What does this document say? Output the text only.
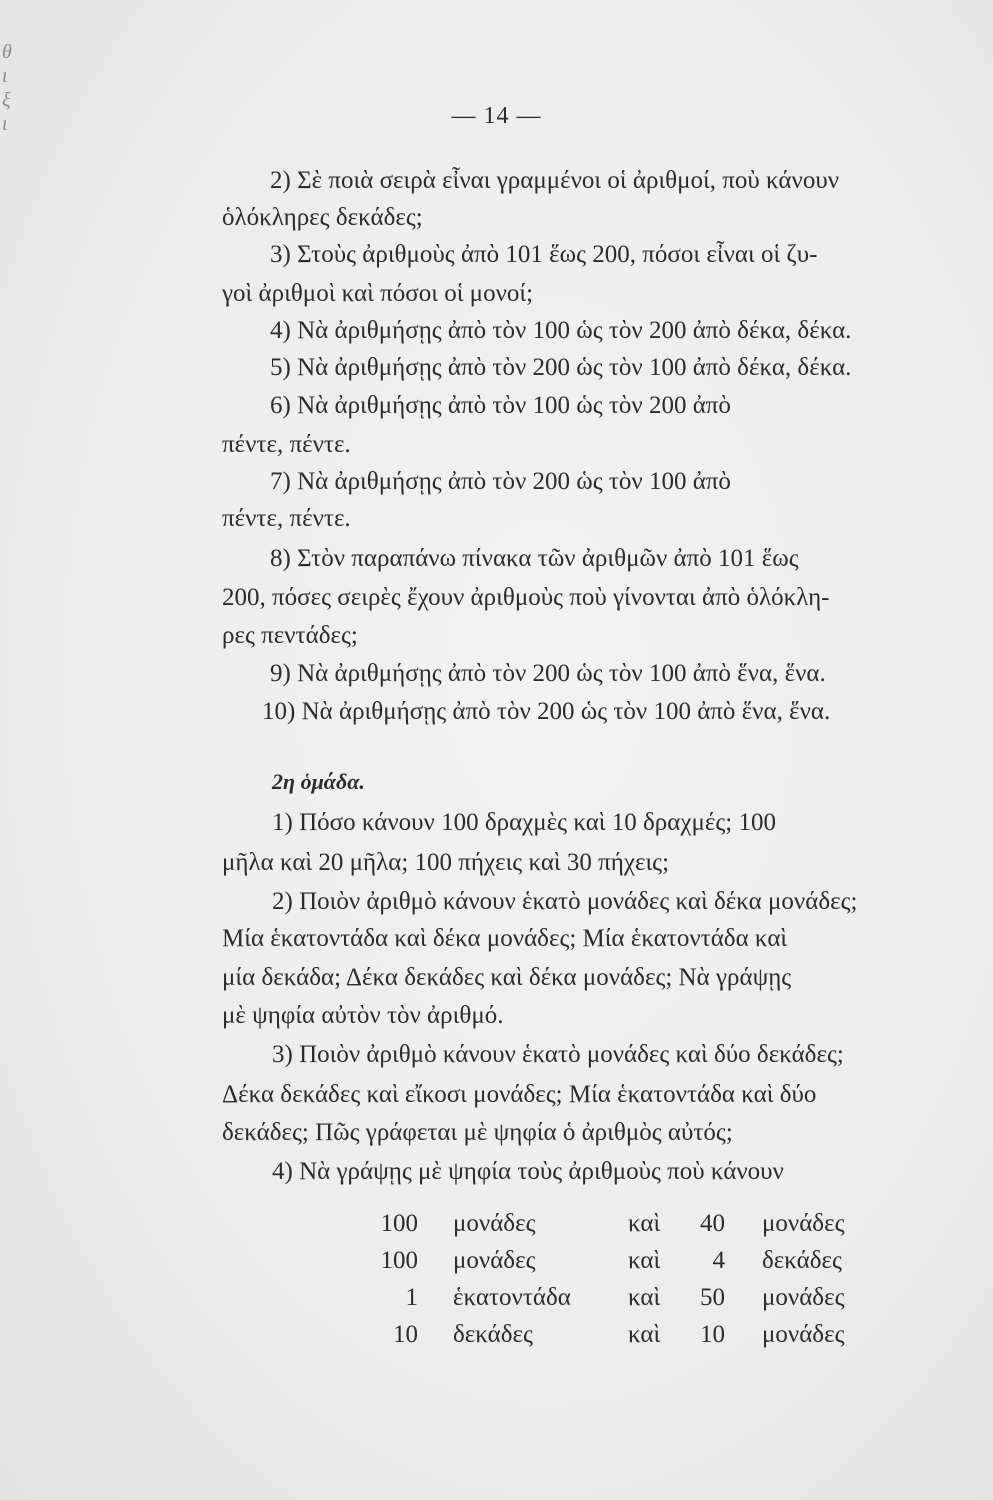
θ
ι
ξ
ι	— 14 —
2) Σὲ ποιὰ σειρὰ εἶναι γραμμένοι οἱ ἀριθμοί, ποὺ κάνουν
ὁλόκληρες δεκάδες;
3) Στοὺς ἀριθμοὺς ἀπὸ 101 ἕως 200, πόσοι εἶναι οἱ ζυ-
γοὶ ἀριθμοὶ καὶ πόσοι οἱ μονοί;
4) Νὰ ἀριθμήσῃς ἀπὸ τὸν 100 ὡς τὸν 200 ἀπὸ δέκα, δέκα.
5) Νὰ ἀριθμήσῃς ἀπὸ τὸν 200 ὡς τὸν 100 ἀπὸ δέκα, δέκα.
6) Νὰ ἀριθμήσῃς ἀπὸ τὸν 100 ὡς τὸν 200 ἀπὸ
πέντε, πέντε.
7) Νὰ ἀριθμήσῃς ἀπὸ τὸν 200 ὡς τὸν 100 ἀπὸ
πέντε, πέντε.
8) Στὸν παραπάνω πίνακα τῶν ἀριθμῶν ἀπὸ 101 ἕως
200, πόσες σειρὲς ἔχουν ἀριθμοὺς ποὺ γίνονται ἀπὸ ὁλόκλη-
ρες πεντάδες;
9) Νὰ ἀριθμήσῃς ἀπὸ τὸν 200 ὡς τὸν 100 ἀπὸ ἕνα, ἕνα.
10) Νὰ ἀριθμήσῃς ἀπὸ τὸν 200 ὡς τὸν 100 ἀπὸ ἕνα, ἕνα.
2η ὁμάδα.
1) Πόσο κάνουν 100 δραχμὲς καὶ 10 δραχμές; 100
μῆλα καὶ 20 μῆλα; 100 πήχεις καὶ 30 πήχεις;
2) Ποιὸν ἀριθμὸ κάνουν ἑκατὸ μονάδες καὶ δέκα μονάδες;
Μία ἑκατοντάδα καὶ δέκα μονάδες; Μία ἑκατοντάδα καὶ
μία δεκάδα; Δέκα δεκάδες καὶ δέκα μονάδες; Νὰ γράψῃς
μὲ ψηφία αὐτὸν τὸν ἀριθμό.
3) Ποιὸν ἀριθμὸ κάνουν ἑκατὸ μονάδες καὶ δύο δεκάδες;
Δέκα δεκάδες καὶ εἴκοσι μονάδες; Μία ἑκατοντάδα καὶ δύο
δεκάδες; Πῶς γράφεται μὲ ψηφία ὁ ἀριθμὸς αὐτός;
4) Νὰ γράψῃς μὲ ψηφία τοὺς ἀριθμοὺς ποὺ κάνουν
100 μονάδες	καὶ	40 μονάδες
100 μονάδες	καὶ	4 δεκάδες
1 ἑκατοντάδα καὶ	50 μονάδες
10 δεκάδες	καὶ	10 μονάδες
